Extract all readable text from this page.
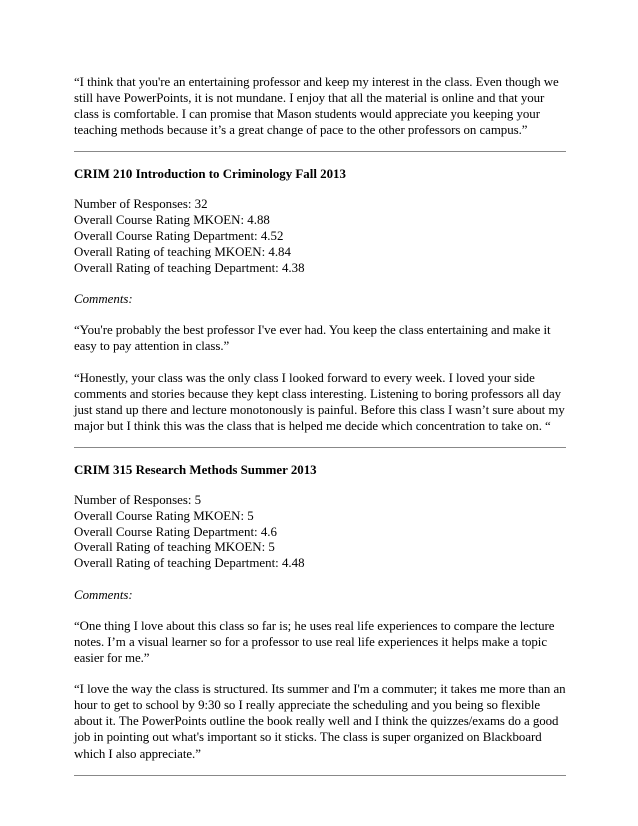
“I think that you're an entertaining professor and keep my interest in the class. Even though we still have PowerPoints, it is not mundane. I enjoy that all the material is online and that your class is comfortable. I can promise that Mason students would appreciate you keeping your teaching methods because it’s a great change of pace to the other professors on campus.”

CRIM 210 Introduction to Criminology Fall 2013

Number of Responses: 32
Overall Course Rating MKOEN: 4.88
Overall Course Rating Department: 4.52
Overall Rating of teaching MKOEN: 4.84
Overall Rating of teaching Department: 4.38

Comments:

“You're probably the best professor I've ever had. You keep the class entertaining and make it easy to pay attention in class.”

“Honestly, your class was the only class I looked forward to every week. I loved your side comments and stories because they kept class interesting. Listening to boring professors all day just stand up there and lecture monotonously is painful. Before this class I wasn’t sure about my major but I think this was the class that is helped me decide which concentration to take on. “

CRIM 315 Research Methods Summer 2013

Number of Responses: 5
Overall Course Rating MKOEN: 5
Overall Course Rating Department: 4.6
Overall Rating of teaching MKOEN: 5
Overall Rating of teaching Department: 4.48

Comments:

“One thing I love about this class so far is; he uses real life experiences to compare the lecture notes. I’m a visual learner so for a professor to use real life experiences it helps make a topic easier for me.”

“I love the way the class is structured. Its summer and I'm a commuter; it takes me more than an hour to get to school by 9:30 so I really appreciate the scheduling and you being so flexible about it. The PowerPoints outline the book really well and I think the quizzes/exams do a good job in pointing out what's important so it sticks. The class is super organized on Blackboard which I also appreciate.”
